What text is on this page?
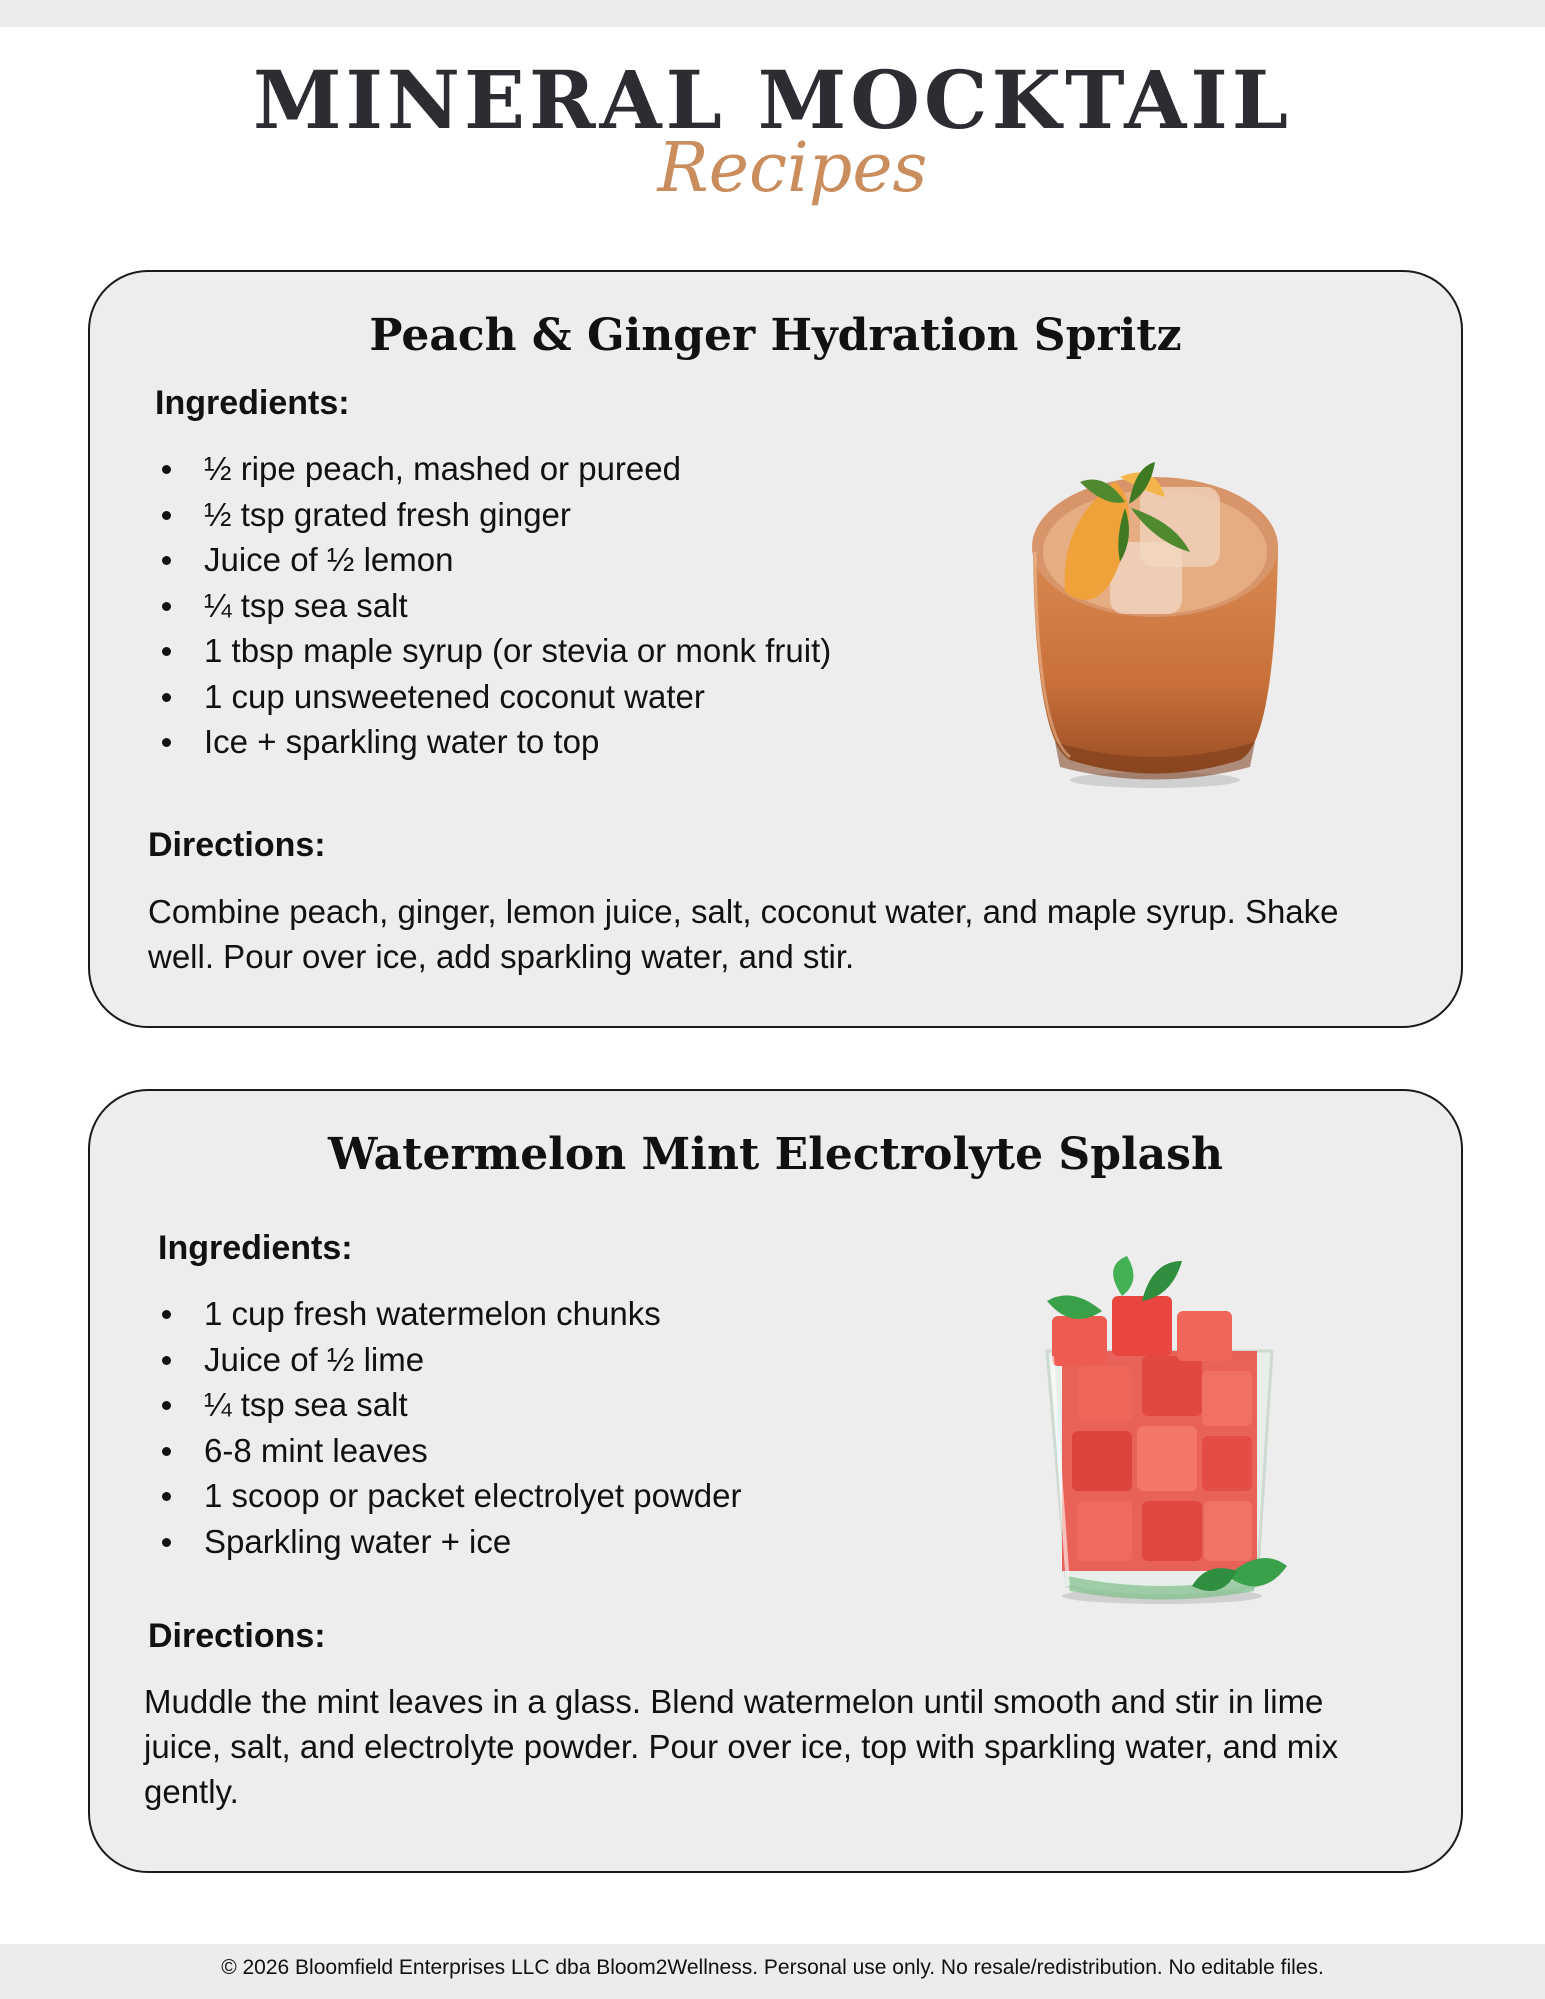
MINERAL MOCKTAIL
Recipes
Peach & Ginger Hydration Spritz
Ingredients:
½ ripe peach, mashed or pureed
½ tsp grated fresh ginger
Juice of ½ lemon
¼ tsp sea salt
1 tbsp maple syrup (or stevia or monk fruit)
1 cup unsweetened coconut water
Ice + sparkling water to top
Directions:

Combine peach, ginger, lemon juice, salt, coconut water, and maple syrup. Shake well. Pour over ice, add sparkling water, and stir.

Watermelon Mint Electrolyte Splash
Ingredients:
1 cup fresh watermelon chunks
Juice of ½ lime
¼ tsp sea salt
6-8 mint leaves
1 scoop or packet electrolyet powder
Sparkling water + ice
Directions:

Muddle the mint leaves in a glass. Blend watermelon until smooth and stir in lime juice, salt, and electrolyte powder. Pour over ice, top with sparkling water, and mix gently.

© 2026 Bloomfield Enterprises LLC dba Bloom2Wellness. Personal use only. No resale/redistribution. No editable files.
